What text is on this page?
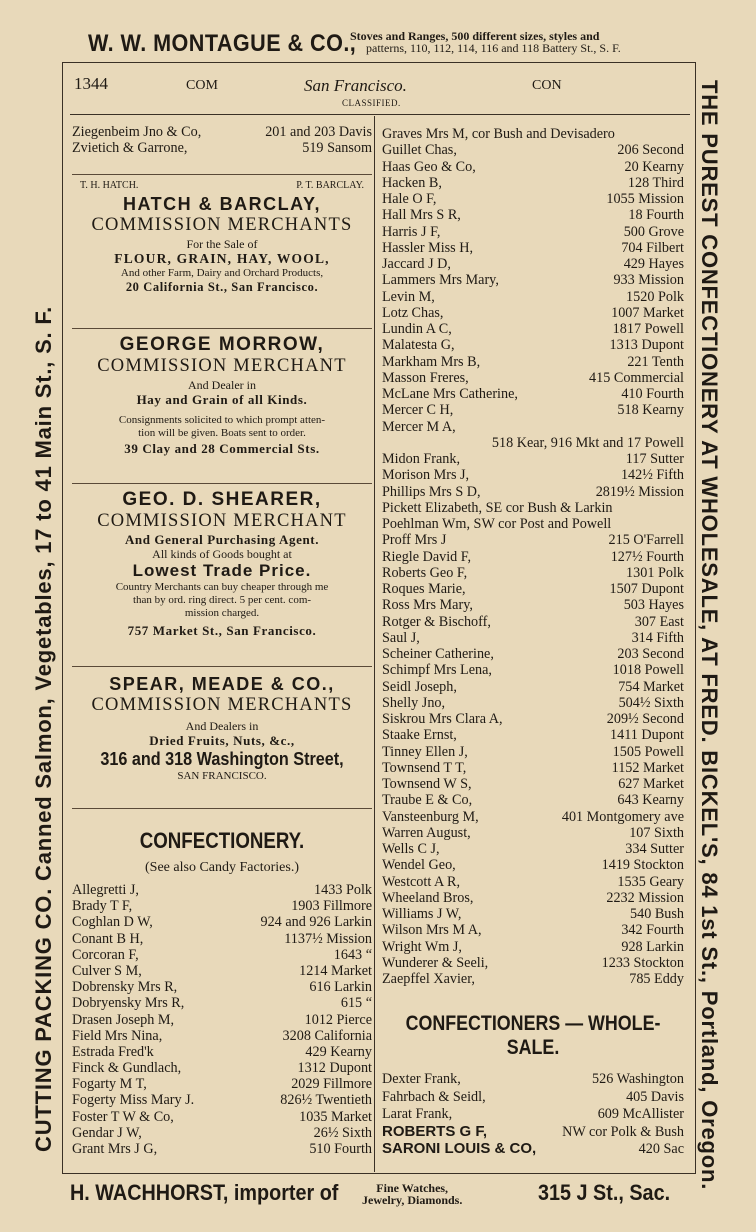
W. W. MONTAGUE & CO.,
Stoves and Ranges, 500 different sizes, styles and
patterns, 110, 112, 114, 116 and 118 Battery St., S. F.
CUTTING PACKING CO. Canned Salmon, Vegetables, 17 to 41 Main St., S. F.	THE PUREST CONFECTIONERY AT WHOLESALE, AT FRED. BICKEL'S, 84 1st St., Portland, Oregon.
1344	COM	San Francisco.	CON
CLASSIFIED.
Ziegenbeim Jno & Co,	201 and 203 Davis
Zvietich & Garrone,	519 Sansom
T. H. HATCH.	P. T. BARCLAY.
HATCH & BARCLAY,
COMMISSION MERCHANTS
For the Sale of
FLOUR, GRAIN, HAY, WOOL,
And other Farm, Dairy and Orchard Products,
20 California St., San Francisco.
GEORGE MORROW,
COMMISSION MERCHANT
And Dealer in
Hay and Grain of all Kinds.
Consignments solicited to which prompt atten-
tion will be given. Boats sent to order.
39 Clay and 28 Commercial Sts.
GEO. D. SHEARER,
COMMISSION MERCHANT
And General Purchasing Agent.
All kinds of Goods bought at
Lowest Trade Price.
Country Merchants can buy cheaper through me
than by ord. ring direct. 5 per cent. com-
mission charged.
757 Market St., San Francisco.
SPEAR, MEADE & CO.,
COMMISSION MERCHANTS
And Dealers in
Dried Fruits, Nuts, &c.,
316 and 318 Washington Street,
SAN FRANCISCO.
CONFECTIONERY.
(See also Candy Factories.)
Allegretti J,	1433 Polk
Brady T F,	1903 Fillmore
Coghlan D W,	924 and 926 Larkin
Conant B H,	1137½ Mission
Corcoran F,	1643 “
Culver S M,	1214 Market
Dobrensky Mrs R,	616 Larkin
Dobryensky Mrs R,	615 “
Drasen Joseph M,	1012 Pierce
Field Mrs Nina,	3208 California
Estrada Fred'k	429 Kearny
Finck & Gundlach,	1312 Dupont
Fogarty M T,	2029 Fillmore
Fogerty Miss Mary J.	826½ Twentieth
Foster T W & Co,	1035 Market
Gendar J W,	26½ Sixth
Grant Mrs J G,	510 Fourth
Graves Mrs M, cor Bush and Devisadero
Guillet Chas,	206 Second
Haas Geo & Co,	20 Kearny
Hacken B,	128 Third
Hale O F,	1055 Mission
Hall Mrs S R,	18 Fourth
Harris J F,	500 Grove
Hassler Miss H,	704 Filbert
Jaccard J D,	429 Hayes
Lammers Mrs Mary,	933 Mission
Levin M,	1520 Polk
Lotz Chas,	1007 Market
Lundin A C,	1817 Powell
Malatesta G,	1313 Dupont
Markham Mrs B,	221 Tenth
Masson Freres,	415 Commercial
McLane Mrs Catherine,	410 Fourth
Mercer C H,	518 Kearny
Mercer M A,
518 Kear, 916 Mkt and 17 Powell
Midon Frank,	117 Sutter
Morison Mrs J,	142½ Fifth
Phillips Mrs S D,	2819½ Mission
Pickett Elizabeth, SE cor Bush & Larkin
Poehlman Wm, SW cor Post and Powell
Proff Mrs J	215 O'Farrell
Riegle David F,	127½ Fourth
Roberts Geo F,	1301 Polk
Roques Marie,	1507 Dupont
Ross Mrs Mary,	503 Hayes
Rotger & Bischoff,	307 East
Saul J,	314 Fifth
Scheiner Catherine,	203 Second
Schimpf Mrs Lena,	1018 Powell
Seidl Joseph,	754 Market
Shelly Jno,	504½ Sixth
Siskrou Mrs Clara A,	209½ Second
Staake Ernst,	1411 Dupont
Tinney Ellen J,	1505 Powell
Townsend T T,	1152 Market
Townsend W S,	627 Market
Traube E & Co,	643 Kearny
Vansteenburg M,	401 Montgomery ave
Warren August,	107 Sixth
Wells C J,	334 Sutter
Wendel Geo,	1419 Stockton
Westcott A R,	1535 Geary
Wheeland Bros,	2232 Mission
Williams J W,	540 Bush
Wilson Mrs M A,	342 Fourth
Wright Wm J,	928 Larkin
Wunderer & Seeli,	1233 Stockton
Zaepffel Xavier,	785 Eddy
CONFECTIONERS — WHOLE-
SALE.
Dexter Frank,	526 Washington
Fahrbach & Seidl,	405 Davis
Larat Frank,	609 McAllister
ROBERTS G F,	NW cor Polk & Bush
SARONI LOUIS & CO,	420 Sac
H. WACHHORST, importer of	Fine Watches,
Jewelry, Diamonds.	315 J St., Sac.
